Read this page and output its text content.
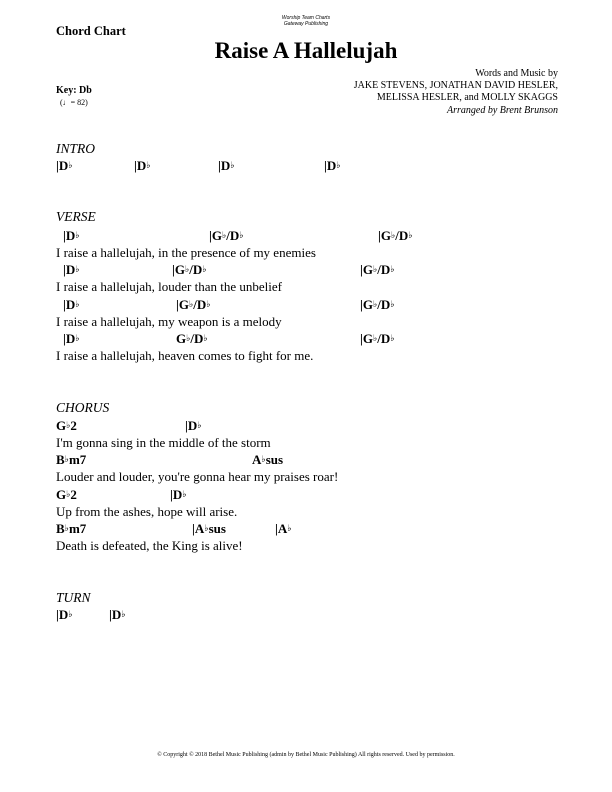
Worship Team Charts
Gateway Publishing
Chord Chart
Raise A Hallelujah
Words and Music by
JAKE STEVENS, JONATHAN DAVID HESLER,
MELISSA HESLER, and MOLLY SKAGGS
Arranged by Brent Brunson
Key: Db
(♩= 82)
INTRO
|D♭	|D♭	|D♭	|D♭
VERSE
|D♭	|G♭/D♭	|G♭/D♭
I raise a hallelujah, in the presence of my enemies
|D♭	|G♭/D♭	|G♭/D♭
I raise a hallelujah, louder than the unbelief
|D♭	|G♭/D♭	|G♭/D♭
I raise a hallelujah, my weapon is a melody
|D♭	G♭/D♭	|G♭/D♭
I raise a hallelujah, heaven comes to fight for me.
CHORUS
G♭2	|D♭
I'm gonna sing in the middle of the storm
B♭m7	A♭sus
Louder and louder, you're gonna hear my praises roar!
G♭2	|D♭
Up from the ashes, hope will arise.
B♭m7	|A♭sus	|A♭
Death is defeated, the King is alive!
TURN
|D♭	|D♭
© Copyright © 2018 Bethel Music Publishing (admin by Bethel Music Publishing) All rights reserved. Used by permission.
